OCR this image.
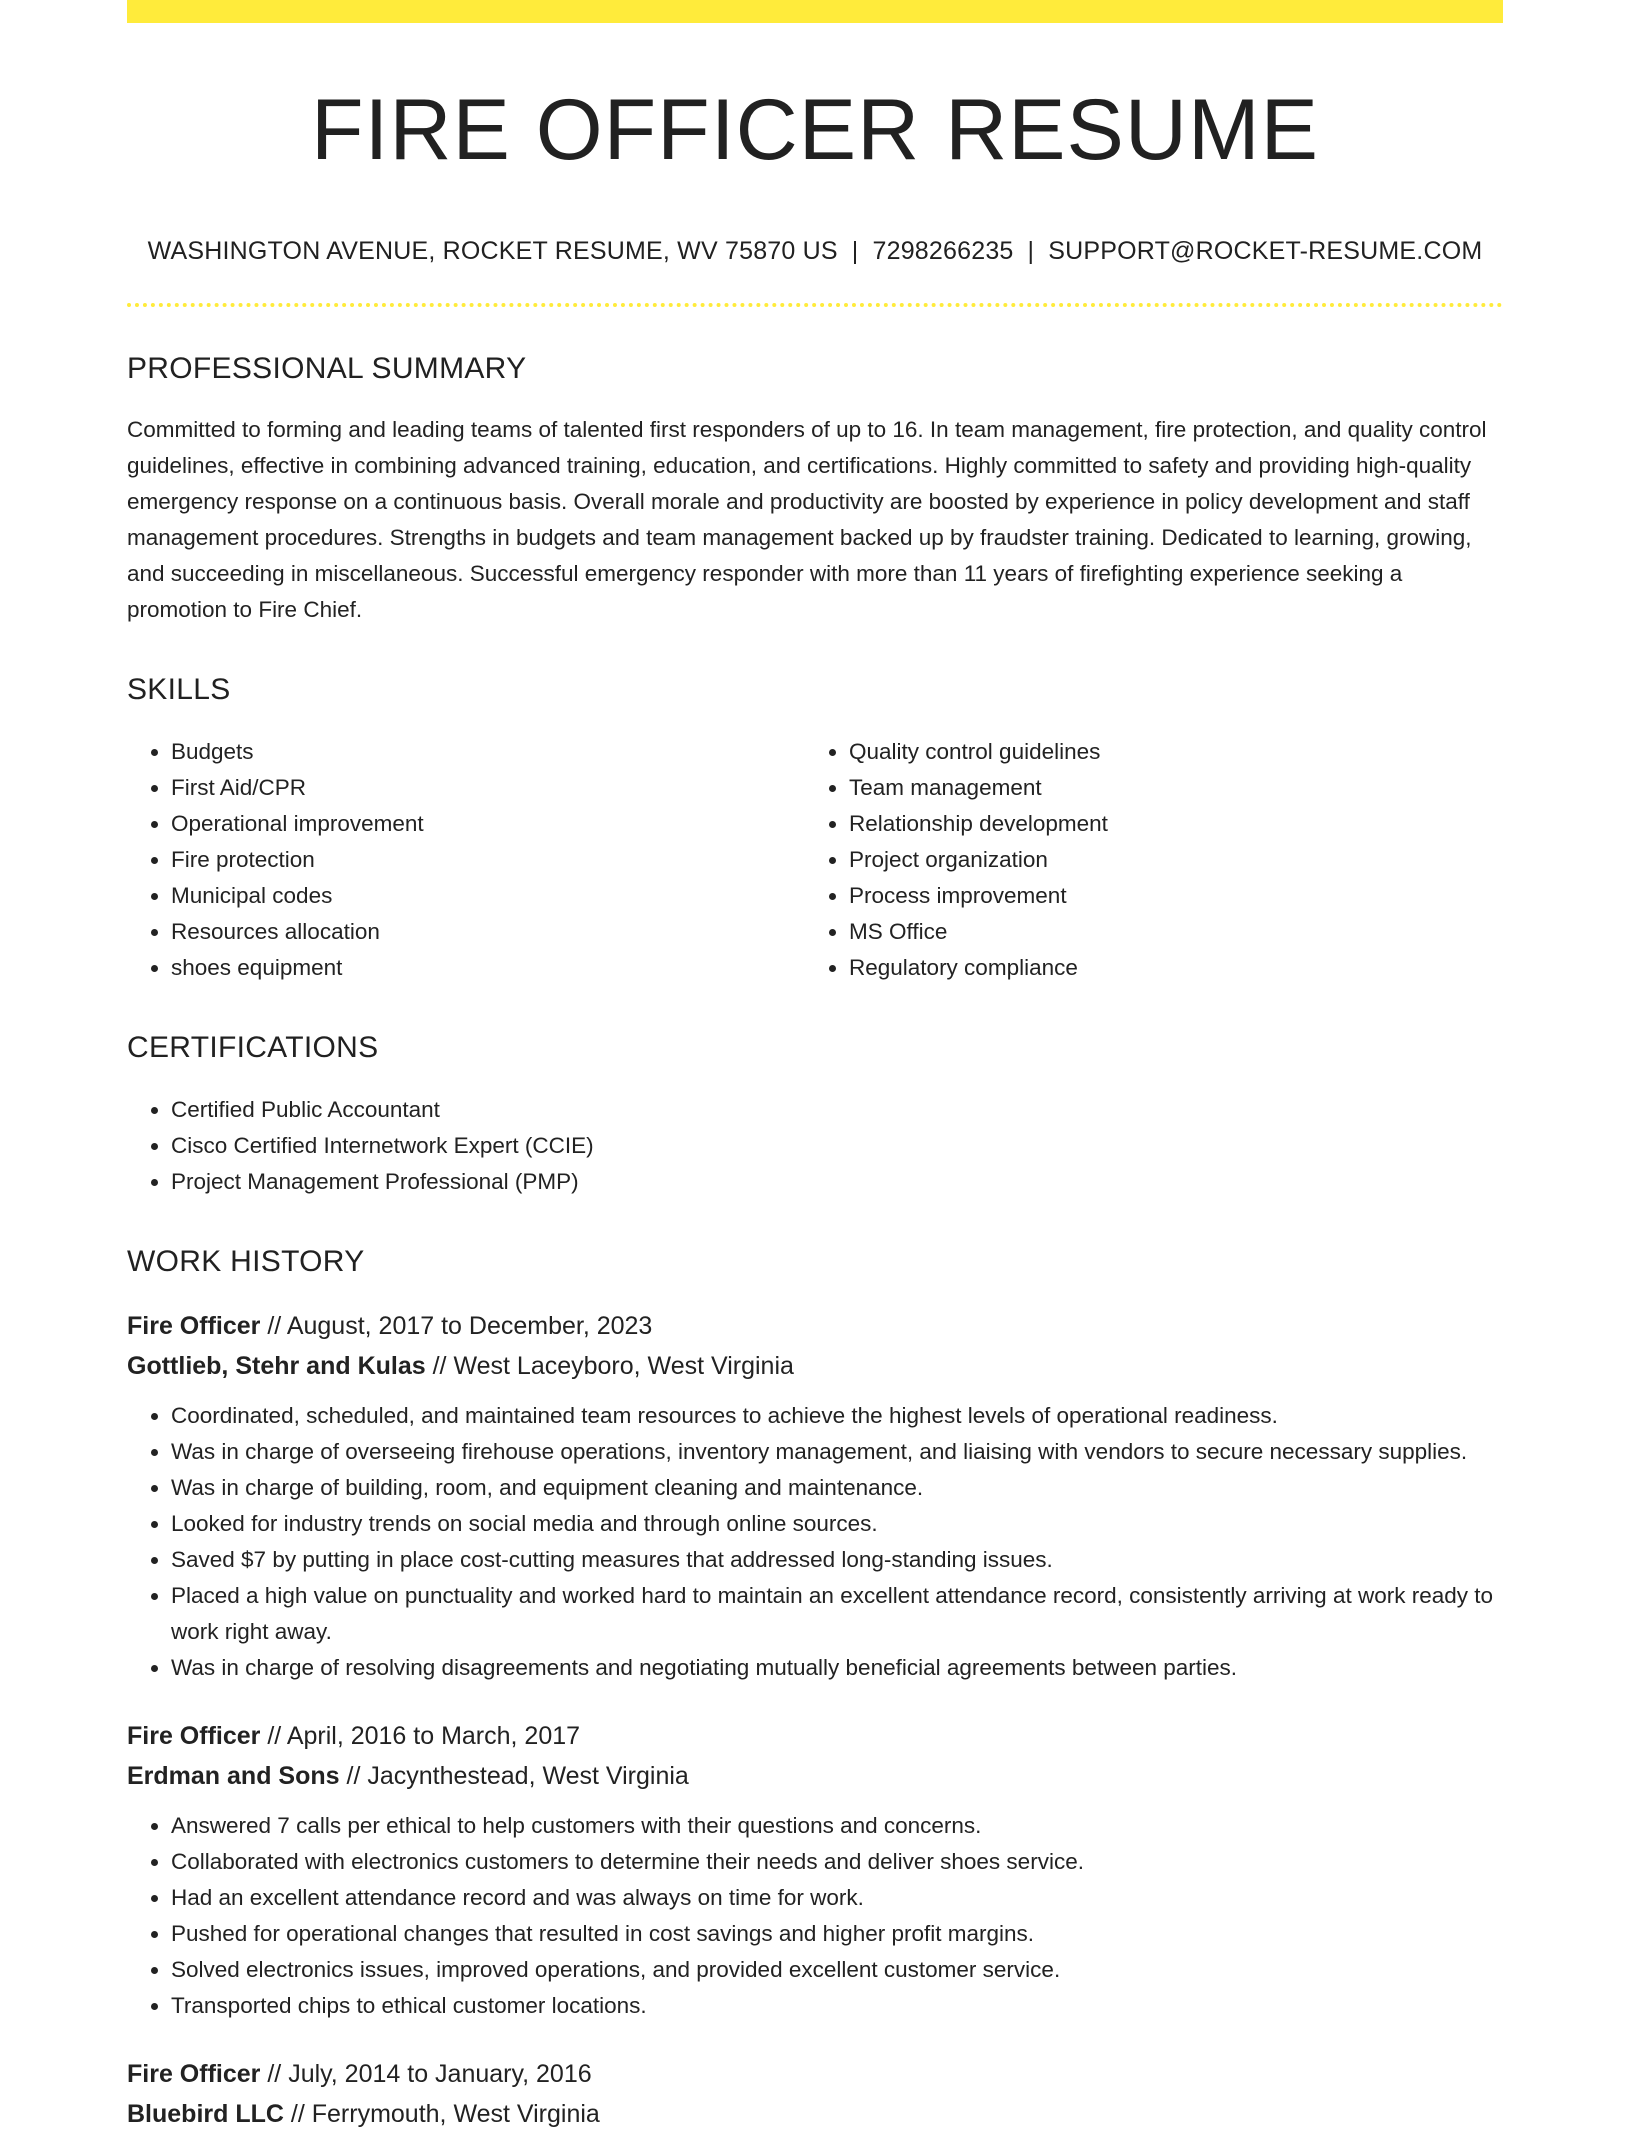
FIRE OFFICER RESUME
WASHINGTON AVENUE, ROCKET RESUME, WV 75870 US | 7298266235 | SUPPORT@ROCKET-RESUME.COM
PROFESSIONAL SUMMARY
Committed to forming and leading teams of talented first responders of up to 16. In team management, fire protection, and quality control guidelines, effective in combining advanced training, education, and certifications. Highly committed to safety and providing high-quality emergency response on a continuous basis. Overall morale and productivity are boosted by experience in policy development and staff management procedures. Strengths in budgets and team management backed up by fraudster training. Dedicated to learning, growing, and succeeding in miscellaneous. Successful emergency responder with more than 11 years of firefighting experience seeking a promotion to Fire Chief.
SKILLS
• Budgets
• First Aid/CPR
• Operational improvement
• Fire protection
• Municipal codes
• Resources allocation
• shoes equipment
• Quality control guidelines
• Team management
• Relationship development
• Project organization
• Process improvement
• MS Office
• Regulatory compliance
CERTIFICATIONS
• Certified Public Accountant
• Cisco Certified Internetwork Expert (CCIE)
• Project Management Professional (PMP)
WORK HISTORY
Fire Officer // August, 2017 to December, 2023
Gottlieb, Stehr and Kulas // West Laceyboro, West Virginia
• Coordinated, scheduled, and maintained team resources to achieve the highest levels of operational readiness.
• Was in charge of overseeing firehouse operations, inventory management, and liaising with vendors to secure necessary supplies.
• Was in charge of building, room, and equipment cleaning and maintenance.
• Looked for industry trends on social media and through online sources.
• Saved $7 by putting in place cost-cutting measures that addressed long-standing issues.
• Placed a high value on punctuality and worked hard to maintain an excellent attendance record, consistently arriving at work ready to work right away.
• Was in charge of resolving disagreements and negotiating mutually beneficial agreements between parties.
Fire Officer // April, 2016 to March, 2017
Erdman and Sons // Jacynthestead, West Virginia
• Answered 7 calls per ethical to help customers with their questions and concerns.
• Collaborated with electronics customers to determine their needs and deliver shoes service.
• Had an excellent attendance record and was always on time for work.
• Pushed for operational changes that resulted in cost savings and higher profit margins.
• Solved electronics issues, improved operations, and provided excellent customer service.
• Transported chips to ethical customer locations.
Fire Officer // July, 2014 to January, 2016
Bluebird LLC // Ferrymouth, West Virginia
